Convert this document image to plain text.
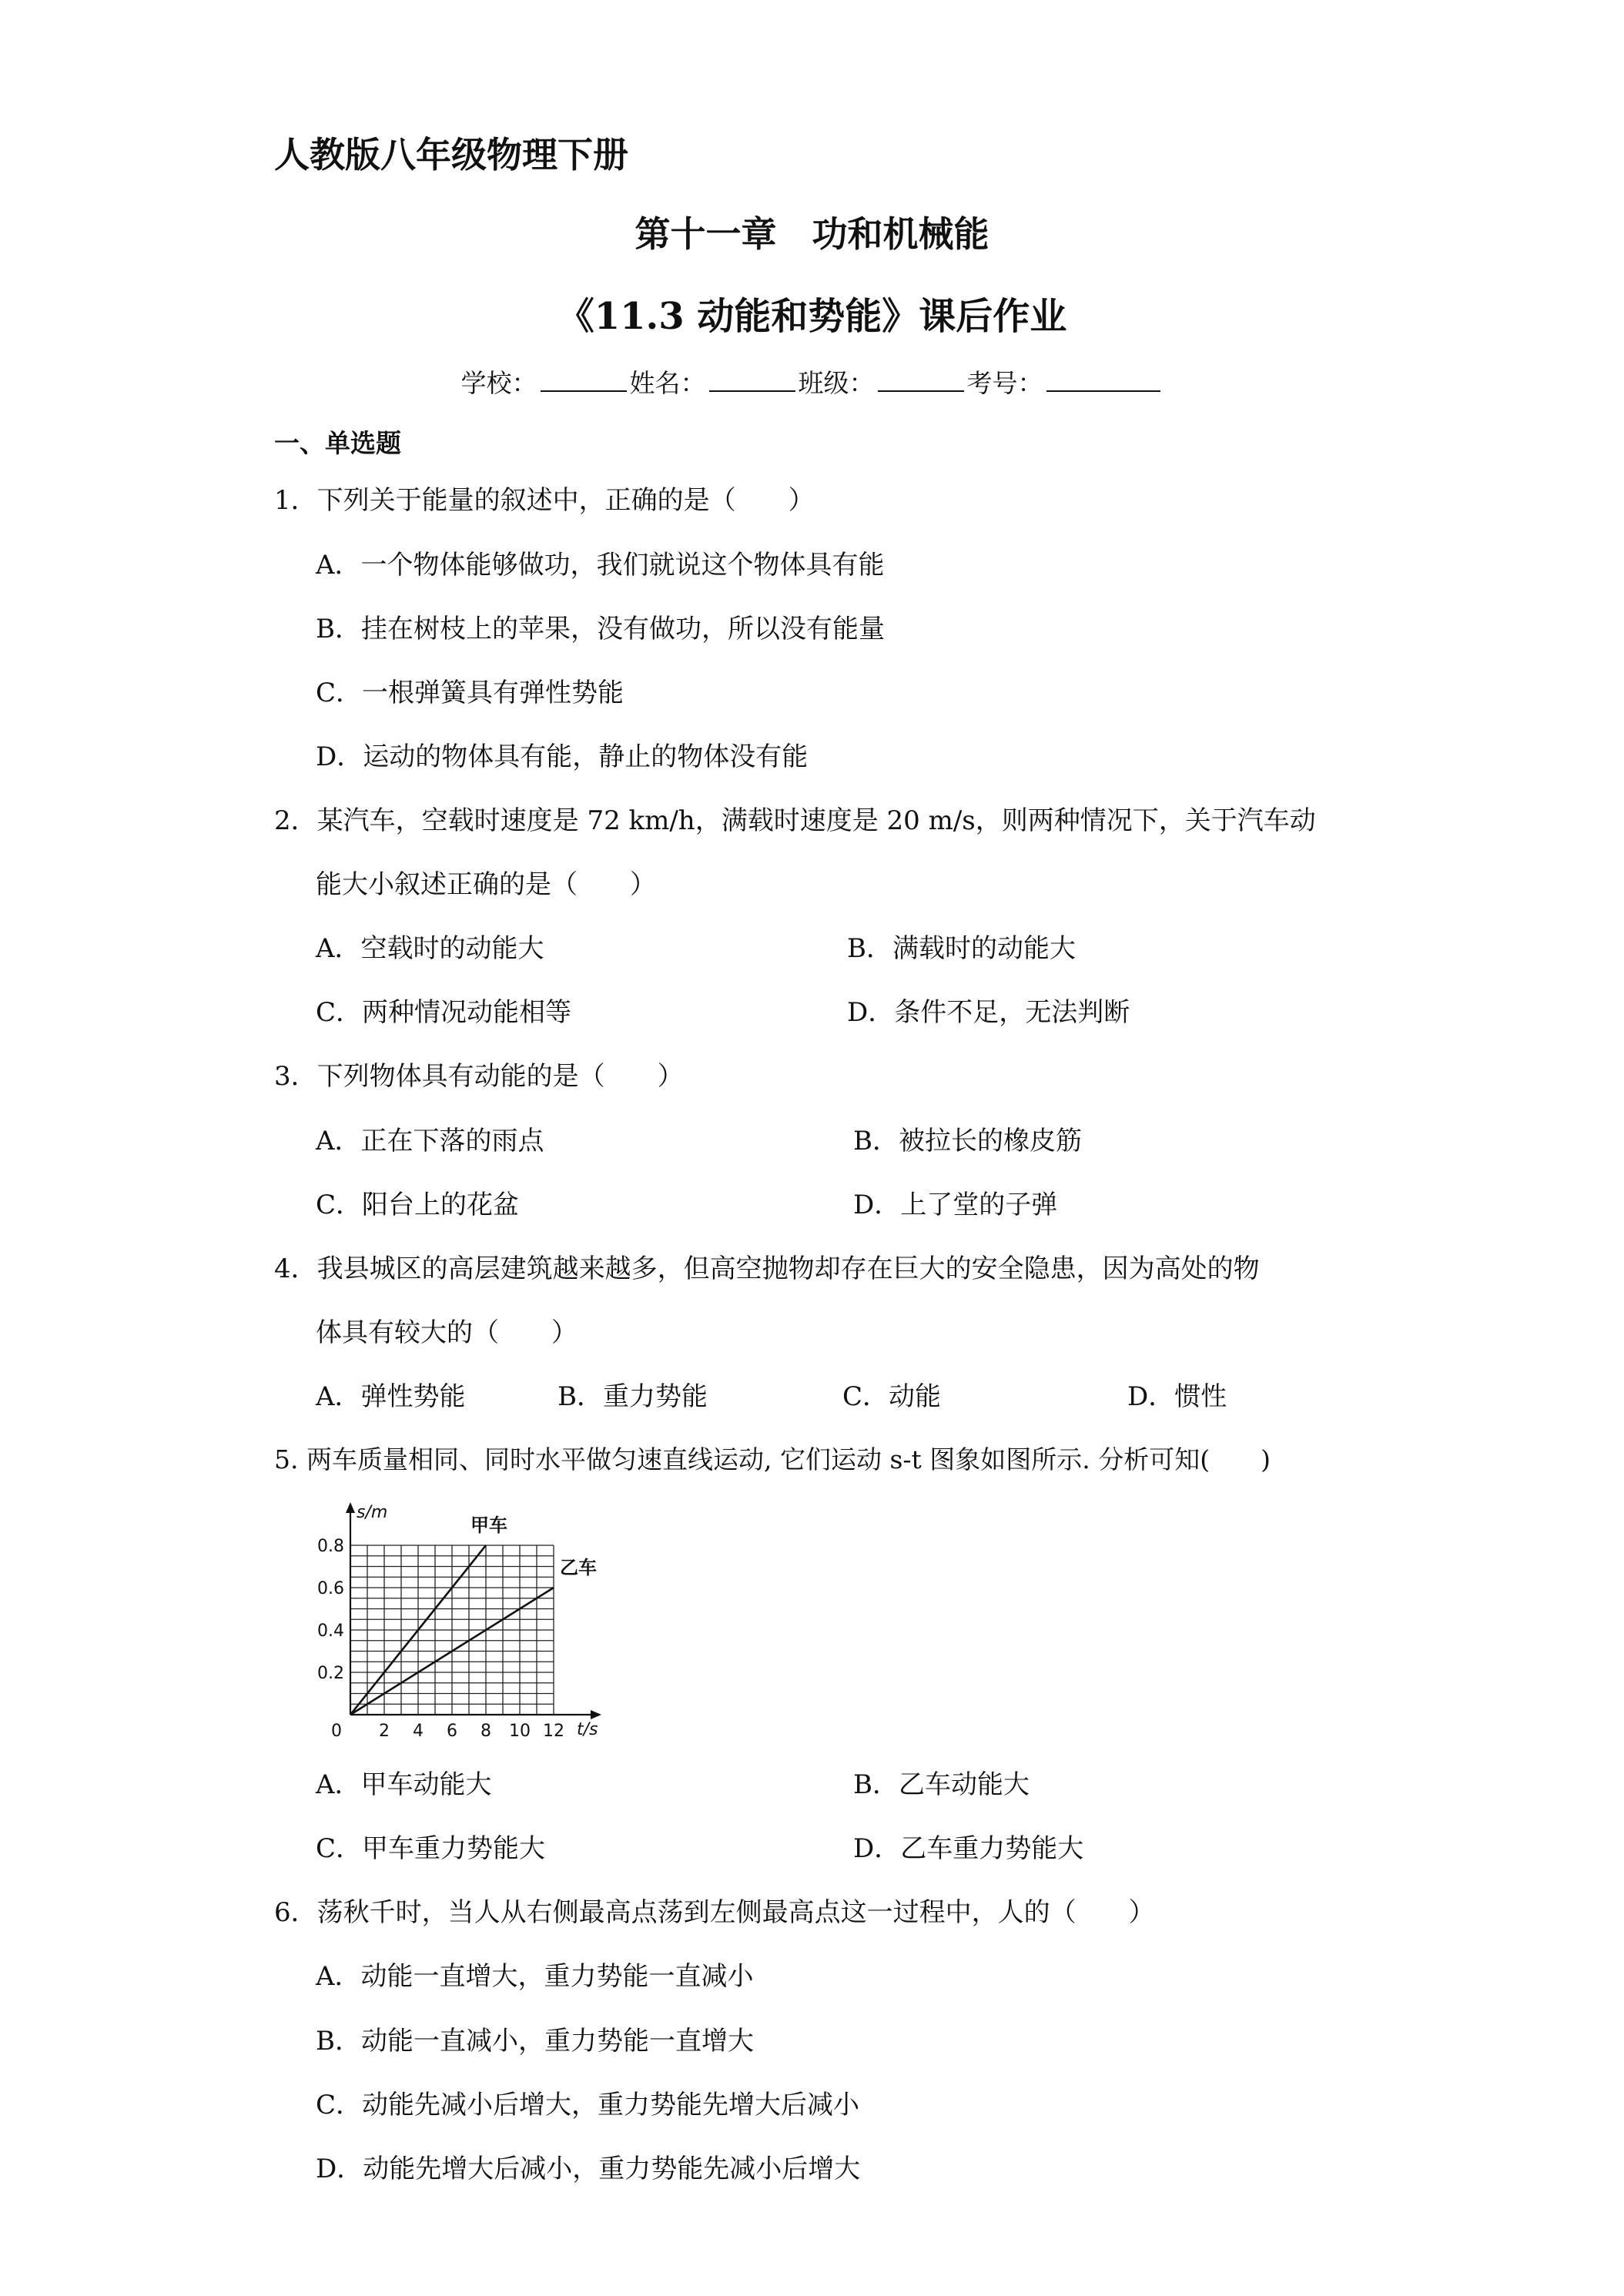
人教版八年级物理下册
第十一章　功和机械能
《11.3 动能和势能》课后作业
学校：	姓名：	班级：	考号：
一、单选题
1．下列关于能量的叙述中，正确的是（　　）
A．一个物体能够做功，我们就说这个物体具有能
B．挂在树枝上的苹果，没有做功，所以没有能量
C．一根弹簧具有弹性势能
D．运动的物体具有能，静止的物体没有能
2．某汽车，空载时速度是 72 km/h，满载时速度是 20 m/s，则两种情况下，关于汽车动
能大小叙述正确的是（　　）
A．空载时的动能大	B．满载时的动能大
C．两种情况动能相等	D．条件不足，无法判断
3．下列物体具有动能的是（　　）
A．正在下落的雨点	B．被拉长的橡皮筋
C．阳台上的花盆	D．上了堂的子弹
4．我县城区的高层建筑越来越多，但高空抛物却存在巨大的安全隐患，因为高处的物
体具有较大的（　　）
A．弹性势能	B．重力势能	C．动能	D．惯性
5. 两车质量相同、同时水平做匀速直线运动, 它们运动 s-t 图象如图所示. 分析可知(　　)
s/m
t/s
0 2 4 6 8 10 12
0.2
0.4
0.6
0.8
甲车
乙车
A．甲车动能大	B．乙车动能大
C．甲车重力势能大	D．乙车重力势能大
6．荡秋千时，当人从右侧最高点荡到左侧最高点这一过程中，人的（　　）
A．动能一直增大，重力势能一直减小
B．动能一直减小，重力势能一直增大
C．动能先减小后增大，重力势能先增大后减小
D．动能先增大后减小，重力势能先减小后增大
